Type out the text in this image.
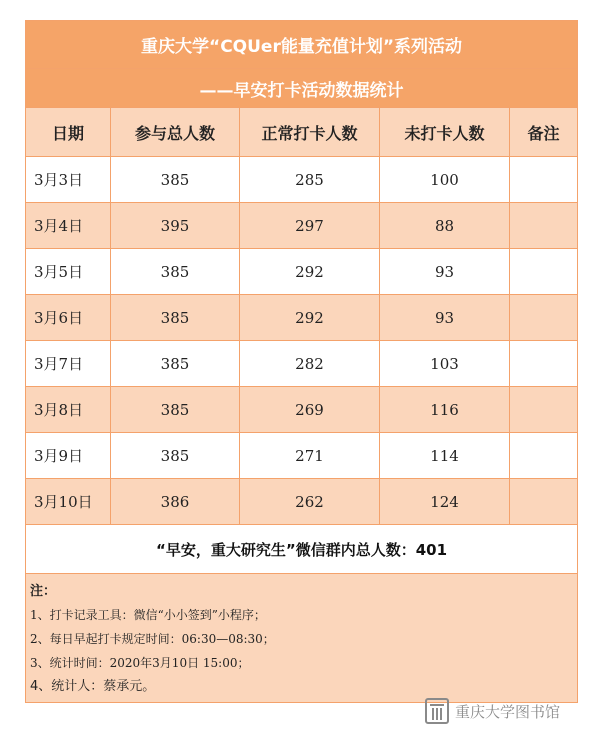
重庆大学“CQUer能量充值计划”系列活动				
——早安打卡活动数据统计				
日期	参与总人数	正常打卡人数	未打卡人数	备注
3月3日	385	285	100	
3月4日	395	297	88	
3月5日	385	292	93	
3月6日	385	292	93	
3月7日	385	282	103	
3月8日	385	269	116	
3月9日	385	271	114	
3月10日	386	262	124	
“早安，重大研究生”微信群内总人数：401				

注：
1、打卡记录工具：微信“小小签到”小程序；
2、每日早起打卡规定时间：06:30—08:30；
3、统计时间：2020年3月10日 15:00；
4、统计人：蔡承元。				
重庆大学图书馆
